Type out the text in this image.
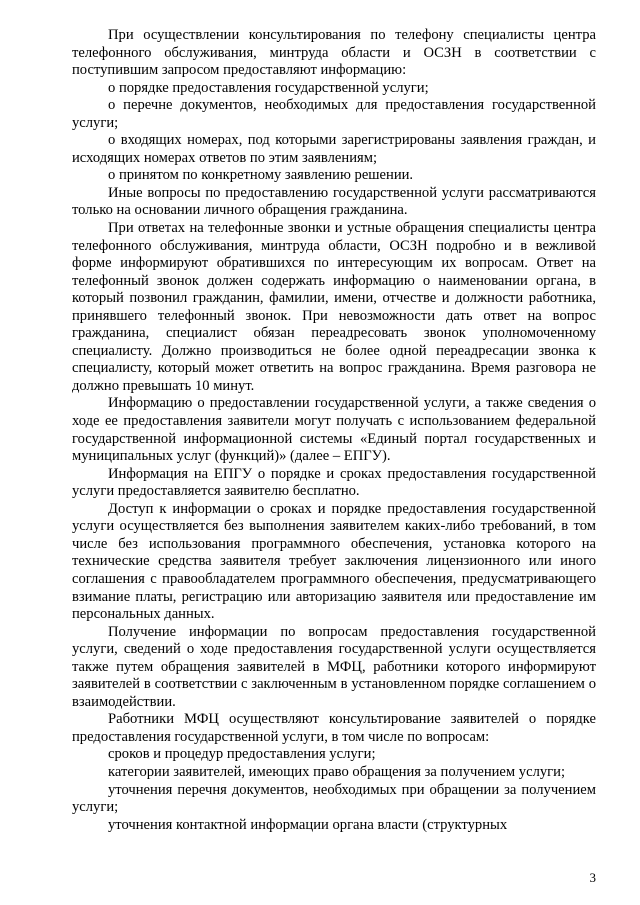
При осуществлении консультирования по телефону специалисты центра телефонного обслуживания, минтруда области и ОСЗН в соответствии с поступившим запросом предоставляют информацию:

о порядке предоставления государственной услуги;

о перечне документов, необходимых для предоставления государственной услуги;

о входящих номерах, под которыми зарегистрированы заявления граждан, и исходящих номерах ответов по этим заявлениям;

о принятом по конкретному заявлению решении.

Иные вопросы по предоставлению государственной услуги рассматриваются только на основании личного обращения гражданина.

При ответах на телефонные звонки и устные обращения специалисты центра телефонного обслуживания, минтруда области, ОСЗН подробно и в вежливой форме информируют обратившихся по интересующим их вопросам. Ответ на телефонный звонок должен содержать информацию о наименовании органа, в который позвонил гражданин, фамилии, имени, отчестве и должности работника, принявшего телефонный звонок. При невозможности дать ответ на вопрос гражданина, специалист обязан переадресовать звонок уполномоченному специалисту. Должно производиться не более одной переадресации звонка к специалисту, который может ответить на вопрос гражданина. Время разговора не должно превышать 10 минут.

Информацию о предоставлении государственной услуги, а также сведения о ходе ее предоставления заявители могут получать с использованием федеральной государственной информационной системы «Единый портал государственных и муниципальных услуг (функций)» (далее – ЕПГУ).

Информация на ЕПГУ о порядке и сроках предоставления государственной услуги предоставляется заявителю бесплатно.

Доступ к информации о сроках и порядке предоставления государственной услуги осуществляется без выполнения заявителем каких-либо требований, в том числе без использования программного обеспечения, установка которого на технические средства заявителя требует заключения лицензионного или иного соглашения с правообладателем программного обеспечения, предусматривающего взимание платы, регистрацию или авторизацию заявителя или предоставление им персональных данных.

Получение информации по вопросам предоставления государственной услуги, сведений о ходе предоставления государственной услуги осуществляется также путем обращения заявителей в МФЦ, работники которого информируют заявителей в соответствии с заключенным в установленном порядке соглашением о взаимодействии.

Работники МФЦ осуществляют консультирование заявителей о порядке предоставления государственной услуги, в том числе по вопросам:

сроков и процедур предоставления услуги;

категории заявителей, имеющих право обращения за получением услуги;

уточнения перечня документов, необходимых при обращении за получением услуги;

уточнения контактной информации органа власти (структурных

3
